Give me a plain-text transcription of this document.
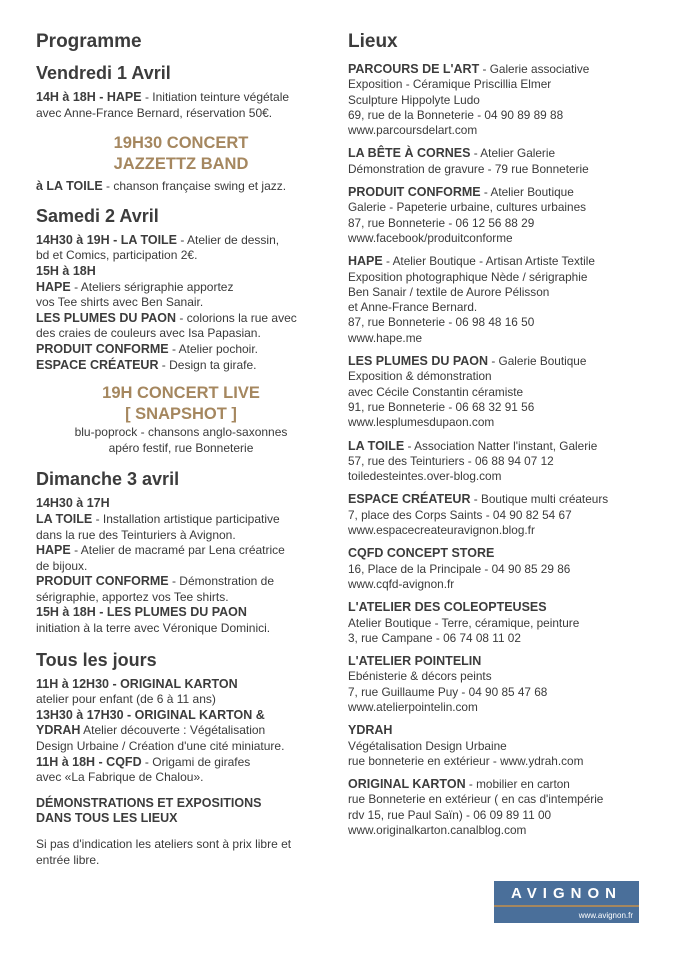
Programme
Vendredi 1 Avril

14H à 18H - HAPE - Initiation teinture végétale

avec Anne-France Bernard, réservation 50€.

19H30 CONCERT
JAZZETTZ BAND

à LA TOILE - chanson française swing et jazz.

Samedi 2 Avril

14H30 à 19H - LA TOILE - Atelier de dessin,

bd et Comics, participation 2€.

15H à 18H

HAPE - Ateliers sérigraphie apportez

vos Tee shirts avec Ben Sanair.

LES PLUMES DU PAON - colorions la rue avec

des craies de couleurs avec Isa Papasian.

PRODUIT CONFORME - Atelier pochoir.

ESPACE CRÉATEUR - Design ta girafe.

19H CONCERT LIVE
[ SNAPSHOT ]

blu-poprock - chansons anglo-saxonnes

apéro festif, rue Bonneterie

Dimanche 3 avril

14H30 à 17H

LA TOILE - Installation artistique participative

dans la rue des Teinturiers à Avignon.

HAPE - Atelier de macramé par Lena créatrice

de bijoux.

PRODUIT CONFORME - Démonstration de

sérigraphie, apportez vos Tee shirts.

15H à 18H - LES PLUMES DU PAON

initiation à la terre avec Véronique Dominici.

Tous les jours

11H à 12H30 - ORIGINAL KARTON

atelier pour enfant (de 6 à 11 ans)

13H30 à 17H30 - ORIGINAL KARTON &

YDRAH Atelier découverte : Végétalisation

Design Urbaine / Création d'une cité miniature.

11H à 18H - CQFD - Origami de girafes

avec «La Fabrique de Chalou».

DÉMONSTRATIONS ET EXPOSITIONS

DANS TOUS LES LIEUX

Si pas d'indication les ateliers sont à prix libre et

entrée libre.

Lieux

PARCOURS DE L'ART - Galerie associative

Exposition - Céramique Priscillia Elmer

Sculpture Hippolyte Ludo

69, rue de la Bonneterie - 04 90 89 89 88

www.parcoursdelart.com

LA BÊTE À CORNES - Atelier Galerie

Démonstration de gravure - 79 rue Bonneterie

PRODUIT CONFORME - Atelier Boutique

Galerie - Papeterie urbaine, cultures urbaines

87, rue Bonneterie - 06 12 56 88 29

www.facebook/produitconforme

HAPE - Atelier Boutique - Artisan Artiste Textile

Exposition photographique Nède / sérigraphie

Ben Sanair / textile de Aurore Pélisson

et Anne-France Bernard.

87, rue Bonneterie - 06 98 48 16 50

www.hape.me

LES PLUMES DU PAON - Galerie Boutique

Exposition & démonstration

avec Cécile Constantin céramiste

91, rue Bonneterie - 06 68 32 91 56

www.lesplumesdupaon.com

LA TOILE - Association Natter l'instant, Galerie

57, rue des Teinturiers - 06 88 94 07 12

toiledesteintes.over-blog.com

ESPACE CRÉATEUR - Boutique multi créateurs

7, place des Corps Saints - 04 90 82 54 67

www.espacecreateuravignon.blog.fr

CQFD CONCEPT STORE

16, Place de la Principale - 04 90 85 29 86

www.cqfd-avignon.fr

L'ATELIER DES COLEOPTEUSES

Atelier Boutique - Terre, céramique, peinture

3, rue Campane - 06 74 08 11 02

L'ATELIER POINTELIN

Ebénisterie & décors peints

7, rue Guillaume Puy - 04 90 85 47 68

www.atelierpointelin.com

YDRAH

Végétalisation Design Urbaine

rue bonneterie en extérieur - www.ydrah.com

ORIGINAL KARTON - mobilier en carton

rue Bonneterie en extérieur ( en cas d'intempérie

rdv 15, rue Paul Saïn) - 06 09 89 11 00

www.originalkarton.canalblog.com

AVIGNON
www.avignon.fr
